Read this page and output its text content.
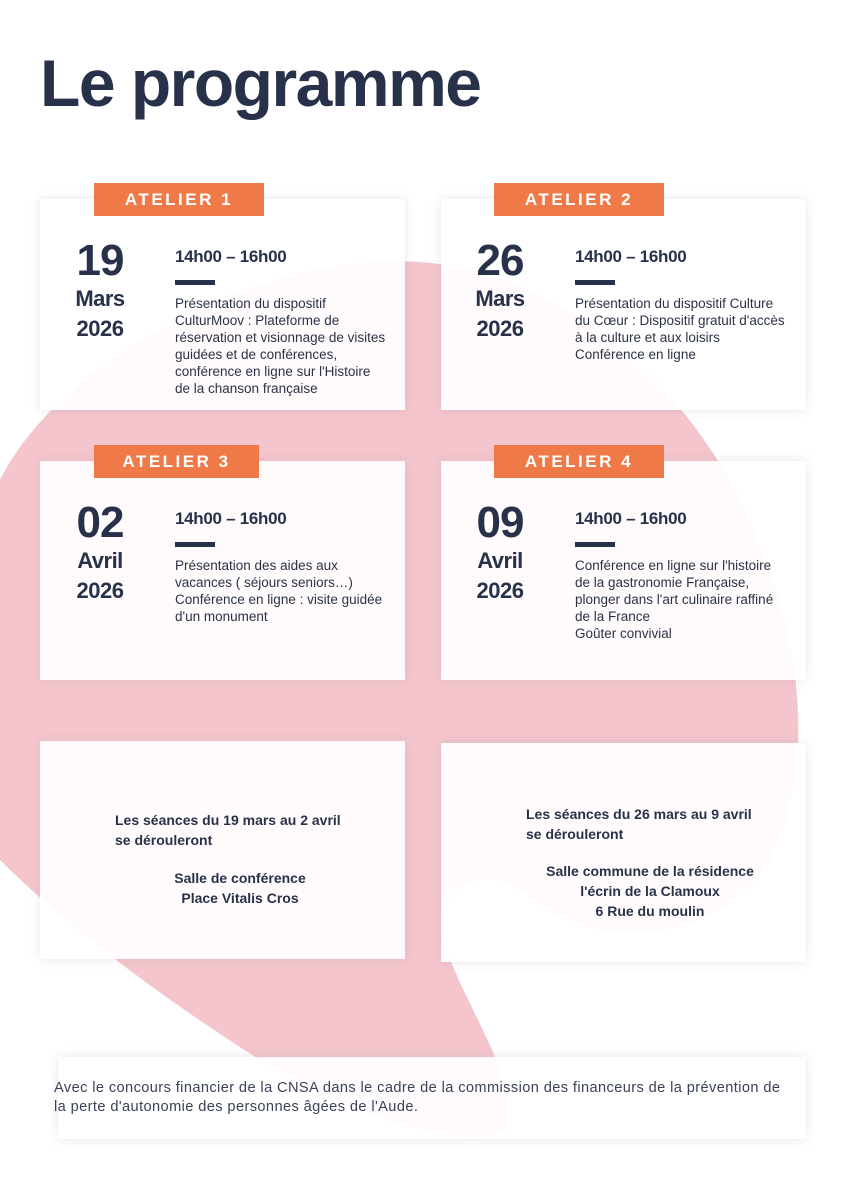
Le programme
ATELIER 1
19
Mars
2026
14h00 – 16h00
Présentation du dispositif
CulturMoov : Plateforme de
réservation et visionnage de visites
guidées et de conférences,
conférence en ligne sur l'Histoire
de la chanson française
ATELIER 2
26
Mars
2026
14h00 – 16h00
Présentation du dispositif Culture
du Cœur : Dispositif gratuit d'accès
à la culture et aux loisirs
Conférence en ligne
ATELIER 3
02
Avril
2026
14h00 – 16h00
Présentation des aides aux
vacances ( séjours seniors…)
Conférence en ligne : visite guidée
d'un monument
ATELIER 4
09
Avril
2026
14h00 – 16h00
Conférence en ligne sur l'histoire
de la gastronomie Française,
plonger dans l'art culinaire raffiné
de la France
Goûter convivial
Les séances du 19 mars au 2 avril
se dérouleront
Salle de conférence
Place Vitalis Cros
Les séances du 26 mars au 9 avril
se dérouleront
Salle commune de la résidence
l'écrin de la Clamoux
6 Rue du moulin
Avec le concours financier de la CNSA dans le cadre de la commission des financeurs de la prévention de la perte d'autonomie des personnes âgées de l'Aude.
